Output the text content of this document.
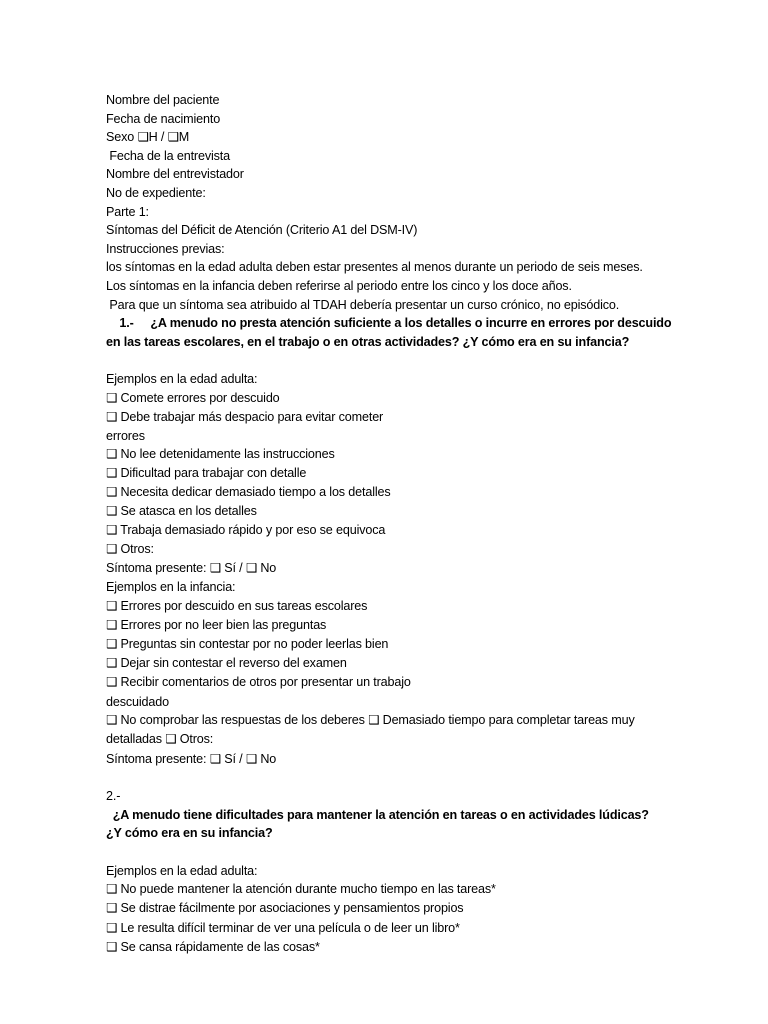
Nombre del paciente
Fecha de nacimiento
Sexo ❑H / ❑M
Fecha de la entrevista
Nombre del entrevistador
No de expediente:
Parte 1:
Síntomas del Déficit de Atención (Criterio A1 del DSM-IV)
Instrucciones previas:
los síntomas en la edad adulta deben estar presentes al menos durante un periodo de seis meses.
Los síntomas en la infancia deben referirse al periodo entre los cinco y los doce años.
Para que un síntoma sea atribuido al TDAH debería presentar un curso crónico, no episódico.
1.-     ¿A menudo no presta atención suficiente a los detalles o incurre en errores por descuido
en las tareas escolares, en el trabajo o en otras actividades? ¿Y cómo era en su infancia?
Ejemplos en la edad adulta:
❑ Comete errores por descuido
❑ Debe trabajar más despacio para evitar cometer
errores
❑ No lee detenidamente las instrucciones
❑ Dificultad para trabajar con detalle
❑ Necesita dedicar demasiado tiempo a los detalles
❑ Se atasca en los detalles
❑ Trabaja demasiado rápido y por eso se equivoca
❑ Otros:
Síntoma presente: ❑ Sí / ❑ No
Ejemplos en la infancia:
❑ Errores por descuido en sus tareas escolares
❑ Errores por no leer bien las preguntas
❑ Preguntas sin contestar por no poder leerlas bien
❑ Dejar sin contestar el reverso del examen
❑ Recibir comentarios de otros por presentar un trabajo
descuidado
❑ No comprobar las respuestas de los deberes ❑ Demasiado tiempo para completar tareas muy
detalladas ❑ Otros:
Síntoma presente: ❑ Sí / ❑ No
2.-
¿A menudo tiene dificultades para mantener la atención en tareas o en actividades lúdicas?
¿Y cómo era en su infancia?
Ejemplos en la edad adulta:
❑ No puede mantener la atención durante mucho tiempo en las tareas*
❑ Se distrae fácilmente por asociaciones y pensamientos propios
❑ Le resulta difícil terminar de ver una película o de leer un libro*
❑ Se cansa rápidamente de las cosas*
